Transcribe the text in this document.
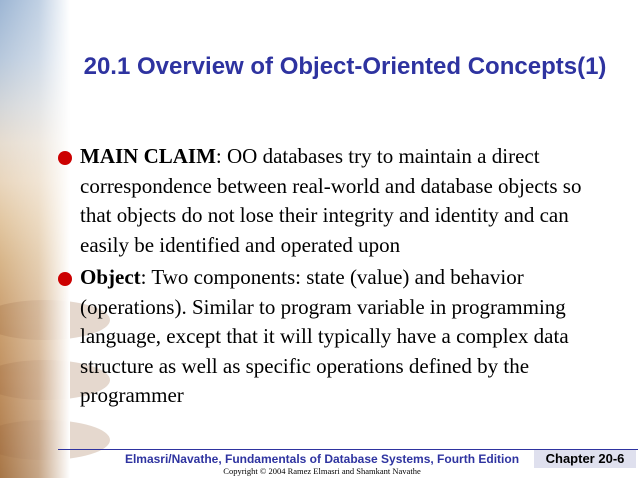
20.1 Overview of Object-Oriented Concepts(1)
MAIN CLAIM: OO databases try to maintain a direct correspondence between real-world and database objects so that objects do not lose their integrity and identity and can easily be identified and operated upon
Object: Two components: state (value) and behavior (operations). Similar to program variable in programming language, except that it will typically have a complex data structure as well as specific operations defined by the programmer
Elmasri/Navathe, Fundamentals of Database Systems, Fourth Edition
Copyright © 2004 Ramez Elmasri and Shamkant Navathe
Chapter 20-6
